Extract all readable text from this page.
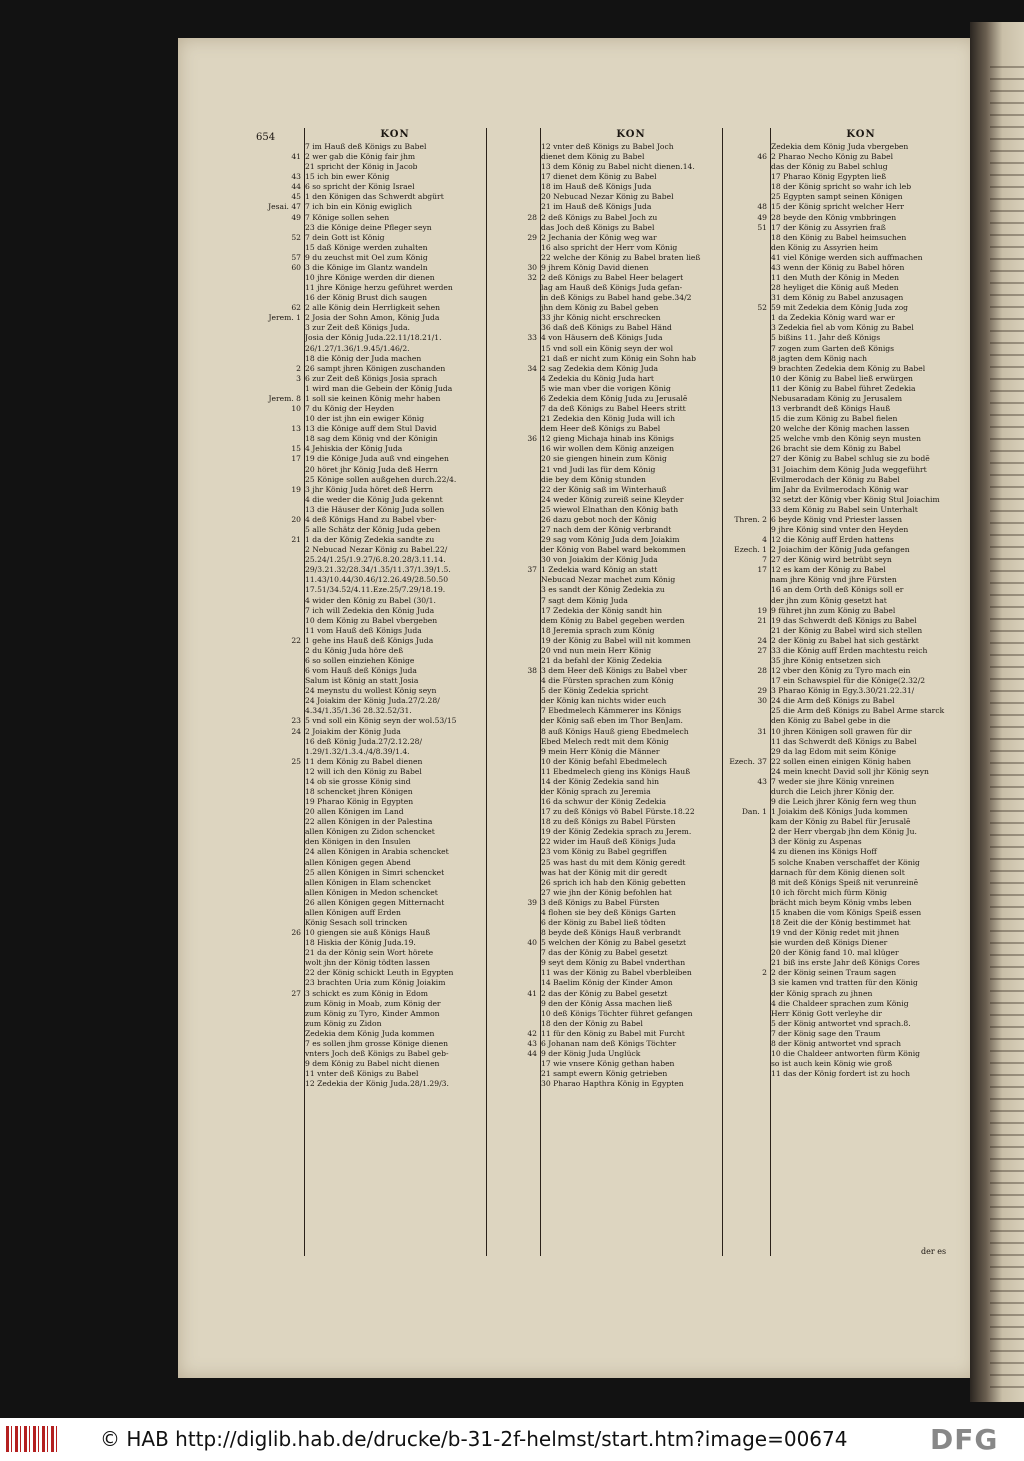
654	KON
7 im Hauß deß Königs zu Babel
41 2 wer gab die König fair jhm
21 spricht der König in Jacob
43 15 ich bin ewer König
44 6 so spricht der König Israel
45 1 den Königen das Schwerdt abgürt
Jesai. 47 7 ich bin ein König ewiglich
49 7 Könige sollen sehen
23 die Könige deine Pfleger seyn
52 7 dein Gott ist König
15 daß Könige werden zuhalten
57 9 du zeuchst mit Oel zum König
60 3 die Könige im Glantz wandeln
10 jhre Könige werden dir dienen
11 jhre Könige herzu geführet werden
16 der König Brust dich saugen
62 2 alle König dein Herrligkeit sehen
Jerem. 1 2 Josia der Sohn Amon, König Juda
3 zur Zeit deß Königs Juda.
Josia der König Juda.22.11/18.21/1.
26/1.27/1.36/1.9.45/1.46/2.
18 die König der Juda machen
2 26 sampt jhren Königen zuschanden
3 6 zur Zeit deß Königs Josia sprach
1 wird man die Gebein der König Juda
Jerem. 8 1 soll sie keinen König mehr haben
10 7 du König der Heyden
10 der ist jhn ein ewiger König
13 13 die Könige auff dem Stul David
18 sag dem König vnd der Königin
15 4 Jehiskia der König Juda
17 19 die Könige Juda auß vnd eingehen
20 höret jhr König Juda deß Herrn
25 Könige sollen außgehen durch.22/4.
19 3 jhr König Juda höret deß Herrn
4 die weder die König Juda gekennt
13 die Häuser der König Juda sollen
20 4 deß Königs Hand zu Babel vber-
5 alle Schätz der König Juda geben
21 1 da der König Zedekia sandte zu
2 Nebucad Nezar König zu Babel.22/
25.24/1.25/1.9.27/6.8.20.28/3.11.14.
29/3.21.32/28.34/1.35/11.37/1.39/1.5.
11.43/10.44/30.46/12.26.49/28.50.50
17.51/34.52/4.11.Eze.25/7.29/18.19.
4 wider den König zu Babel (30/1.
7 ich will Zedekia den König Juda
10 dem König zu Babel vbergeben
11 vom Hauß deß Königs Juda
22 1 gehe ins Hauß deß Königs Juda
2 du König Juda höre deß
6 so sollen einziehen Könige
6 vom Hauß deß Königs Juda
Salum ist König an statt Josia
24 meynstu du wollest König seyn
24 Joiakim der König Juda.27/2.28/
4.34/1.35/1.36 28.32.52/31.
23 5 vnd soll ein König seyn der wol.53/15
24 2 Joiakim der König Juda
16 deß König Juda.27/2.12.28/
1.29/1.32/1.3.4./4/8.39/1.4.
25 11 dem König zu Babel dienen
12 will ich den König zu Babel
14 ob sie grosse König sind
18 schencket jhren Königen
19 Pharao König in Egypten
20 allen Königen im Land
22 allen Königen in der Palestina
allen Königen zu Zidon schencket
den Königen in den Insulen
24 allen Königen in Arabia schencket
allen Königen gegen Abend
25 allen Königen in Simri schencket
allen Königen in Elam schencket
allen Königen in Medon schencket
26 allen Königen gegen Mitternacht
allen Königen auff Erden
König Sesach soll trincken
26 10 giengen sie auß Königs Hauß
18 Hiskia der König Juda.19.
21 da der König sein Wort hörete
wolt jhn der König tödten lassen
22 der König schickt Leuth in Egypten
23 brachten Uria zum König Joiakim
27 3 schickt es zum König in Edom
zum König in Moab, zum König der
zum König zu Tyro, Kinder Ammon
zum König zu Zidon
Zedekia dem König Juda kommen
7 es sollen jhm grosse Könige dienen
vnters Joch deß Königs zu Babel geb-
9 dem König zu Babel nicht dienen
11 vnter deß Königs zu Babel
12 Zedekia der König Juda.28/1.29/3.
KON
12 vnter deß Königs zu Babel Joch
dienet dem König zu Babel
13 dem König zu Babel nicht dienen.14.
17 dienet dem König zu Babel
18 im Hauß deß Königs Juda
20 Nebucad Nezar König zu Babel
21 im Hauß deß Königs Juda
28 2 deß Königs zu Babel Joch zu
das Joch deß Königs zu Babel
29 2 Jechania der König weg war
16 also spricht der Herr vom König
22 welche der König zu Babel braten ließ
30 9 jhrem König David dienen
32 2 deß Königs zu Babel Heer belagert
lag am Hauß deß Königs Juda gefan-
in deß Königs zu Babel hand gebe.34/2
jhn dem König zu Babel geben
33 jhr König nicht erschrecken
36 daß deß Königs zu Babel Händ
33 4 von Häusern deß Königs Juda
15 vnd soll ein König seyn der wol
21 daß er nicht zum König ein Sohn hab
34 2 sag Zedekia dem König Juda
4 Zedekia du König Juda hart
5 wie man vber die vorigen König
6 Zedekia dem König Juda zu Jerusalē
7 da deß Königs zu Babel Heers stritt
21 Zedekia den König Juda will ich
dem Heer deß Königs zu Babel
36 12 gieng Michaja hinab ins Königs
16 wir wollen dem König anzeigen
20 sie giengen hinein zum König
21 vnd Judi las für dem König
die bey dem König stunden
22 der König saß im Winterhauß
24 weder König zureiß seine Kleyder
25 wiewol Elnathan den König bath
26 dazu gebot noch der König
27 nach dem der König verbrandt
29 sag vom König Juda dem Joiakim
der König von Babel ward bekommen
30 von Joiakim der König Juda
37 1 Zedekia ward König an statt
Nebucad Nezar machet zum König
3 es sandt der König Zedekia zu
7 sagt dem König Juda
17 Zedekia der König sandt hin
dem König zu Babel gegeben werden
18 Jeremia sprach zum König
19 der König zu Babel will nit kommen
20 vnd nun mein Herr König
21 da befahl der König Zedekia
38 3 dem Heer deß Königs zu Babel vber
4 die Fürsten sprachen zum König
5 der König Zedekia spricht
der König kan nichts wider euch
7 Ebedmelech Kämmerer ins Königs
der König saß eben im Thor BenJam.
8 auß Königs Hauß gieng Ebedmelech
Ebed Melech redt mit dem König
9 mein Herr König die Männer
10 der König befahl Ebedmelech
11 Ebedmelech gieng ins Königs Hauß
14 der König Zedekia sand hin
der König sprach zu Jeremia
16 da schwur der König Zedekia
17 zu deß Königs vö Babel Fürste.18.22
18 zu deß Königs zu Babel Fürsten
19 der König Zedekia sprach zu Jerem.
22 wider im Hauß deß Königs Juda
23 vom König zu Babel gegriffen
25 was hast du mit dem König geredt
was hat der König mit dir geredt
26 sprich ich hab den König gebetten
27 wie jhn der König befohlen hat
39 3 deß Königs zu Babel Fürsten
4 flohen sie bey deß Königs Garten
6 der König zu Babel ließ tödten
8 beyde deß Königs Hauß verbrandt
40 5 welchen der König zu Babel gesetzt
7 das der König zu Babel gesetzt
9 seyt dem König zu Babel vnderthan
11 was der König zu Babel vberbleiben
14 Baelim König der Kinder Amon
41 2 das der König zu Babel gesetzt
9 den der König Assa machen ließ
10 deß Königs Töchter führet gefangen
18 den der König zu Babel
42 11 für den König zu Babel mit Furcht
43 6 Johanan nam deß Königs Töchter
44 9 der König Juda Unglück
17 wie vnsere König gethan haben
21 sampt ewern König getrieben
30 Pharao Hapthra König in Egypten
KON
Zedekia dem König Juda vbergeben
46 2 Pharao Necho König zu Babel
das der König zu Babel schlug
17 Pharao König Egypten ließ
18 der König spricht so wahr ich leb
25 Egypten sampt seinen Königen
48 15 der König spricht welcher Herr
49 28 beyde den König vmbbringen
51 17 der König zu Assyrien fraß
18 den König zu Babel heimsuchen
den König zu Assyrien heim
41 viel Könige werden sich auffmachen
43 wenn der König zu Babel hören
11 den Muth der König in Meden
28 heyliget die König auß Meden
31 dem König zu Babel anzusagen
52 59 mit Zedekia dem König Juda zog
1 da Zedekia König ward war er
3 Zedekia fiel ab vom König zu Babel
5 bißins 11. Jahr deß Königs
7 zogen zum Garten deß Königs
8 jagten dem König nach
9 brachten Zedekia dem König zu Babel
10 der König zu Babel ließ erwürgen
11 der König zu Babel führet Zedekia
Nebusaradam König zu Jerusalem
13 verbrandt deß Königs Hauß
15 die zum König zu Babel fielen
20 welche der König machen lassen
25 welche vmb den König seyn musten
26 bracht sie dem König zu Babel
27 der König zu Babel schlug sie zu bodē
31 Joiachim dem König Juda weggeführt
Evilmerodach der König zu Babel
im Jahr da Evilmerodach König war
32 setzt der König vber König Stul Joiachim
33 dem König zu Babel sein Unterhalt
Thren. 2 6 beyde König vnd Priester lassen
9 jhre König sind vnter den Heyden
4 12 die König auff Erden hattens
Ezech. 1 2 Joiachim der König Juda gefangen
7 27 der König wird betrübt seyn
17 12 es kam der König zu Babel
nam jhre König vnd jhre Fürsten
16 an dem Orth deß Königs soll er
der jhn zum König gesetzt hat
19 9 führet jhn zum König zu Babel
21 19 das Schwerdt deß Königs zu Babel
21 der König zu Babel wird sich stellen
24 2 der König zu Babel hat sich gestärkt
27 33 die König auff Erden machtestu reich
35 jhre König entsetzen sich
28 12 vber den König zu Tyro mach ein
17 ein Schawspiel für die Könige(2.32/2
29 3 Pharao König in Egy.3.30/21.22.31/
30 24 die Arm deß Königs zu Babel
25 die Arm deß Königs zu Babel Arme starck
den König zu Babel gebe in die
31 10 jhren Königen soll grawen für dir
11 das Schwerdt deß Königs zu Babel
29 da lag Edom mit seim Könige
Ezech. 37 22 sollen einen einigen König haben
24 mein knecht David soll jhr König seyn
43 7 weder sie jhre König vnreinen
durch die Leich jhrer König der.
9 die Leich jhrer König fern weg thun
Dan. 1 1 Joiakim deß Königs Juda kommen
kam der König zu Babel für Jerusalē
2 der Herr vbergab jhn dem König Ju.
3 der König zu Aspenas
4 zu dienen ins Königs Hoff
5 solche Knaben verschaffet der König
darnach für dem König dienen solt
8 mit deß Königs Speiß nit verunreinē
10 ich förcht mich fürm König
brächt mich beym König vmbs leben
15 knaben die vom Königs Speiß essen
18 Zeit die der König bestimmet hat
19 vnd der König redet mit jhnen
sie wurden deß Königs Diener
20 der König fand 10. mal klüger
21 biß ins erste Jahr deß Königs Cores
2 2 der König seinen Traum sagen
3 sie kamen vnd tratten für den König
der König sprach zu jhnen
4 die Chaldeer sprachen zum König
Herr König Gott verleyhe dir
5 der König antwortet vnd sprach.8.
7 der König sage den Traum
8 der König antwortet vnd sprach
10 die Chaldeer antworten fürm König
so ist auch kein König wie groß
11 das der König fordert ist zu hoch
der es
© HAB http://diglib.hab.de/drucke/b-31-2f-helmst/start.htm?image=00674	DFG
